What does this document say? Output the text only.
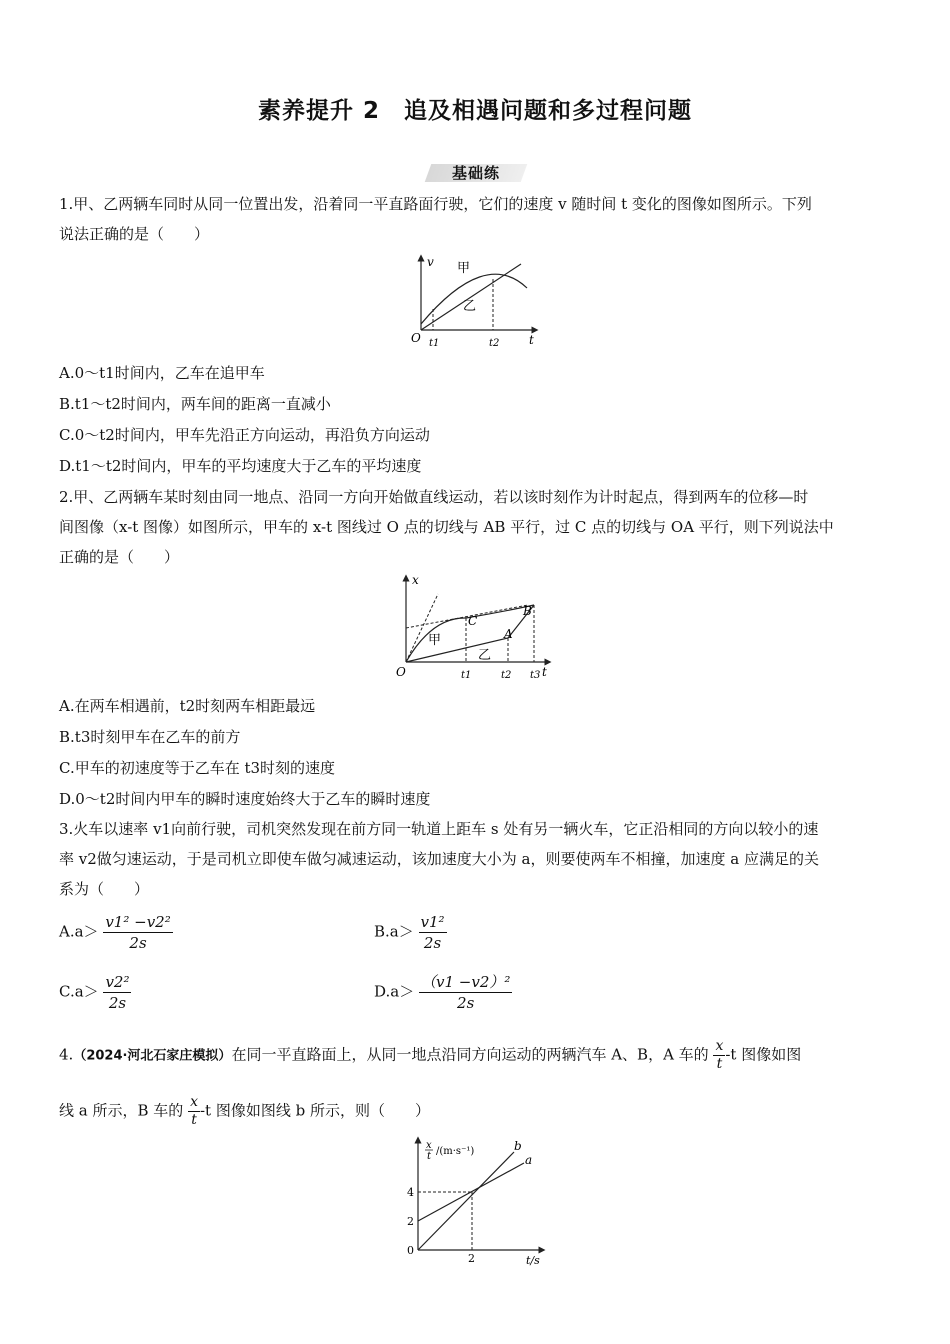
素养提升 2　追及相遇问题和多过程问题
基础练
1.甲、乙两辆车同时从同一位置出发，沿着同一平直路面行驶，它们的速度 v 随时间 t 变化的图像如图所示。下列
说法正确的是（　　）
v
t
O t1	t2
甲
乙
A.0～t1时间内，乙车在追甲车
B.t1～t2时间内，两车间的距离一直减小
C.0～t2时间内，甲车先沿正方向运动，再沿负方向运动
D.t1～t2时间内，甲车的平均速度大于乙车的平均速度
2.甲、乙两辆车某时刻由同一地点、沿同一方向开始做直线运动，若以该时刻作为计时起点，得到两车的位移—时
间图像（x-t 图像）如图所示，甲车的 x-t 图线过 O 点的切线与 AB 平行，过 C 点的切线与 OA 平行，则下列说法中
正确的是（　　）
x
t
O	t1	t2 t3
A
B
C
甲
乙
A.在两车相遇前，t2时刻两车相距最远
B.t3时刻甲车在乙车的前方
C.甲车的初速度等于乙车在 t3时刻的速度
D.0～t2时间内甲车的瞬时速度始终大于乙车的瞬时速度
3.火车以速率 v1向前行驶，司机突然发现在前方同一轨道上距车 s 处有另一辆火车，它正沿相同的方向以较小的速
率 v2做匀速运动，于是司机立即使车做匀减速运动，该加速度大小为 a，则要使两车不相撞，加速度 a 应满足的关
系为（　　）
$A.a> \frac{\text{v1² −v2²}}{2s}$	$B.a> \frac{\text{v1²}}{2s}$
$C.a> \frac{\text{v2²}}{2s}$	$D.a> \frac{\text{（v1 −v2）²}}{2s}$
4.（2024·河北石家庄模拟）在同一平直路面上，从同一地点沿同方向运动的两辆汽车 A、B，A 车的 $\frac{x}{t} -t$ 图像如图
线 a 所示，B 车的 $\frac{x}{t} -t$ 图像如图线 b 所示，则（　　）
x
t /(m·s⁻¹)
t/s
4
2
0
2
b
a
